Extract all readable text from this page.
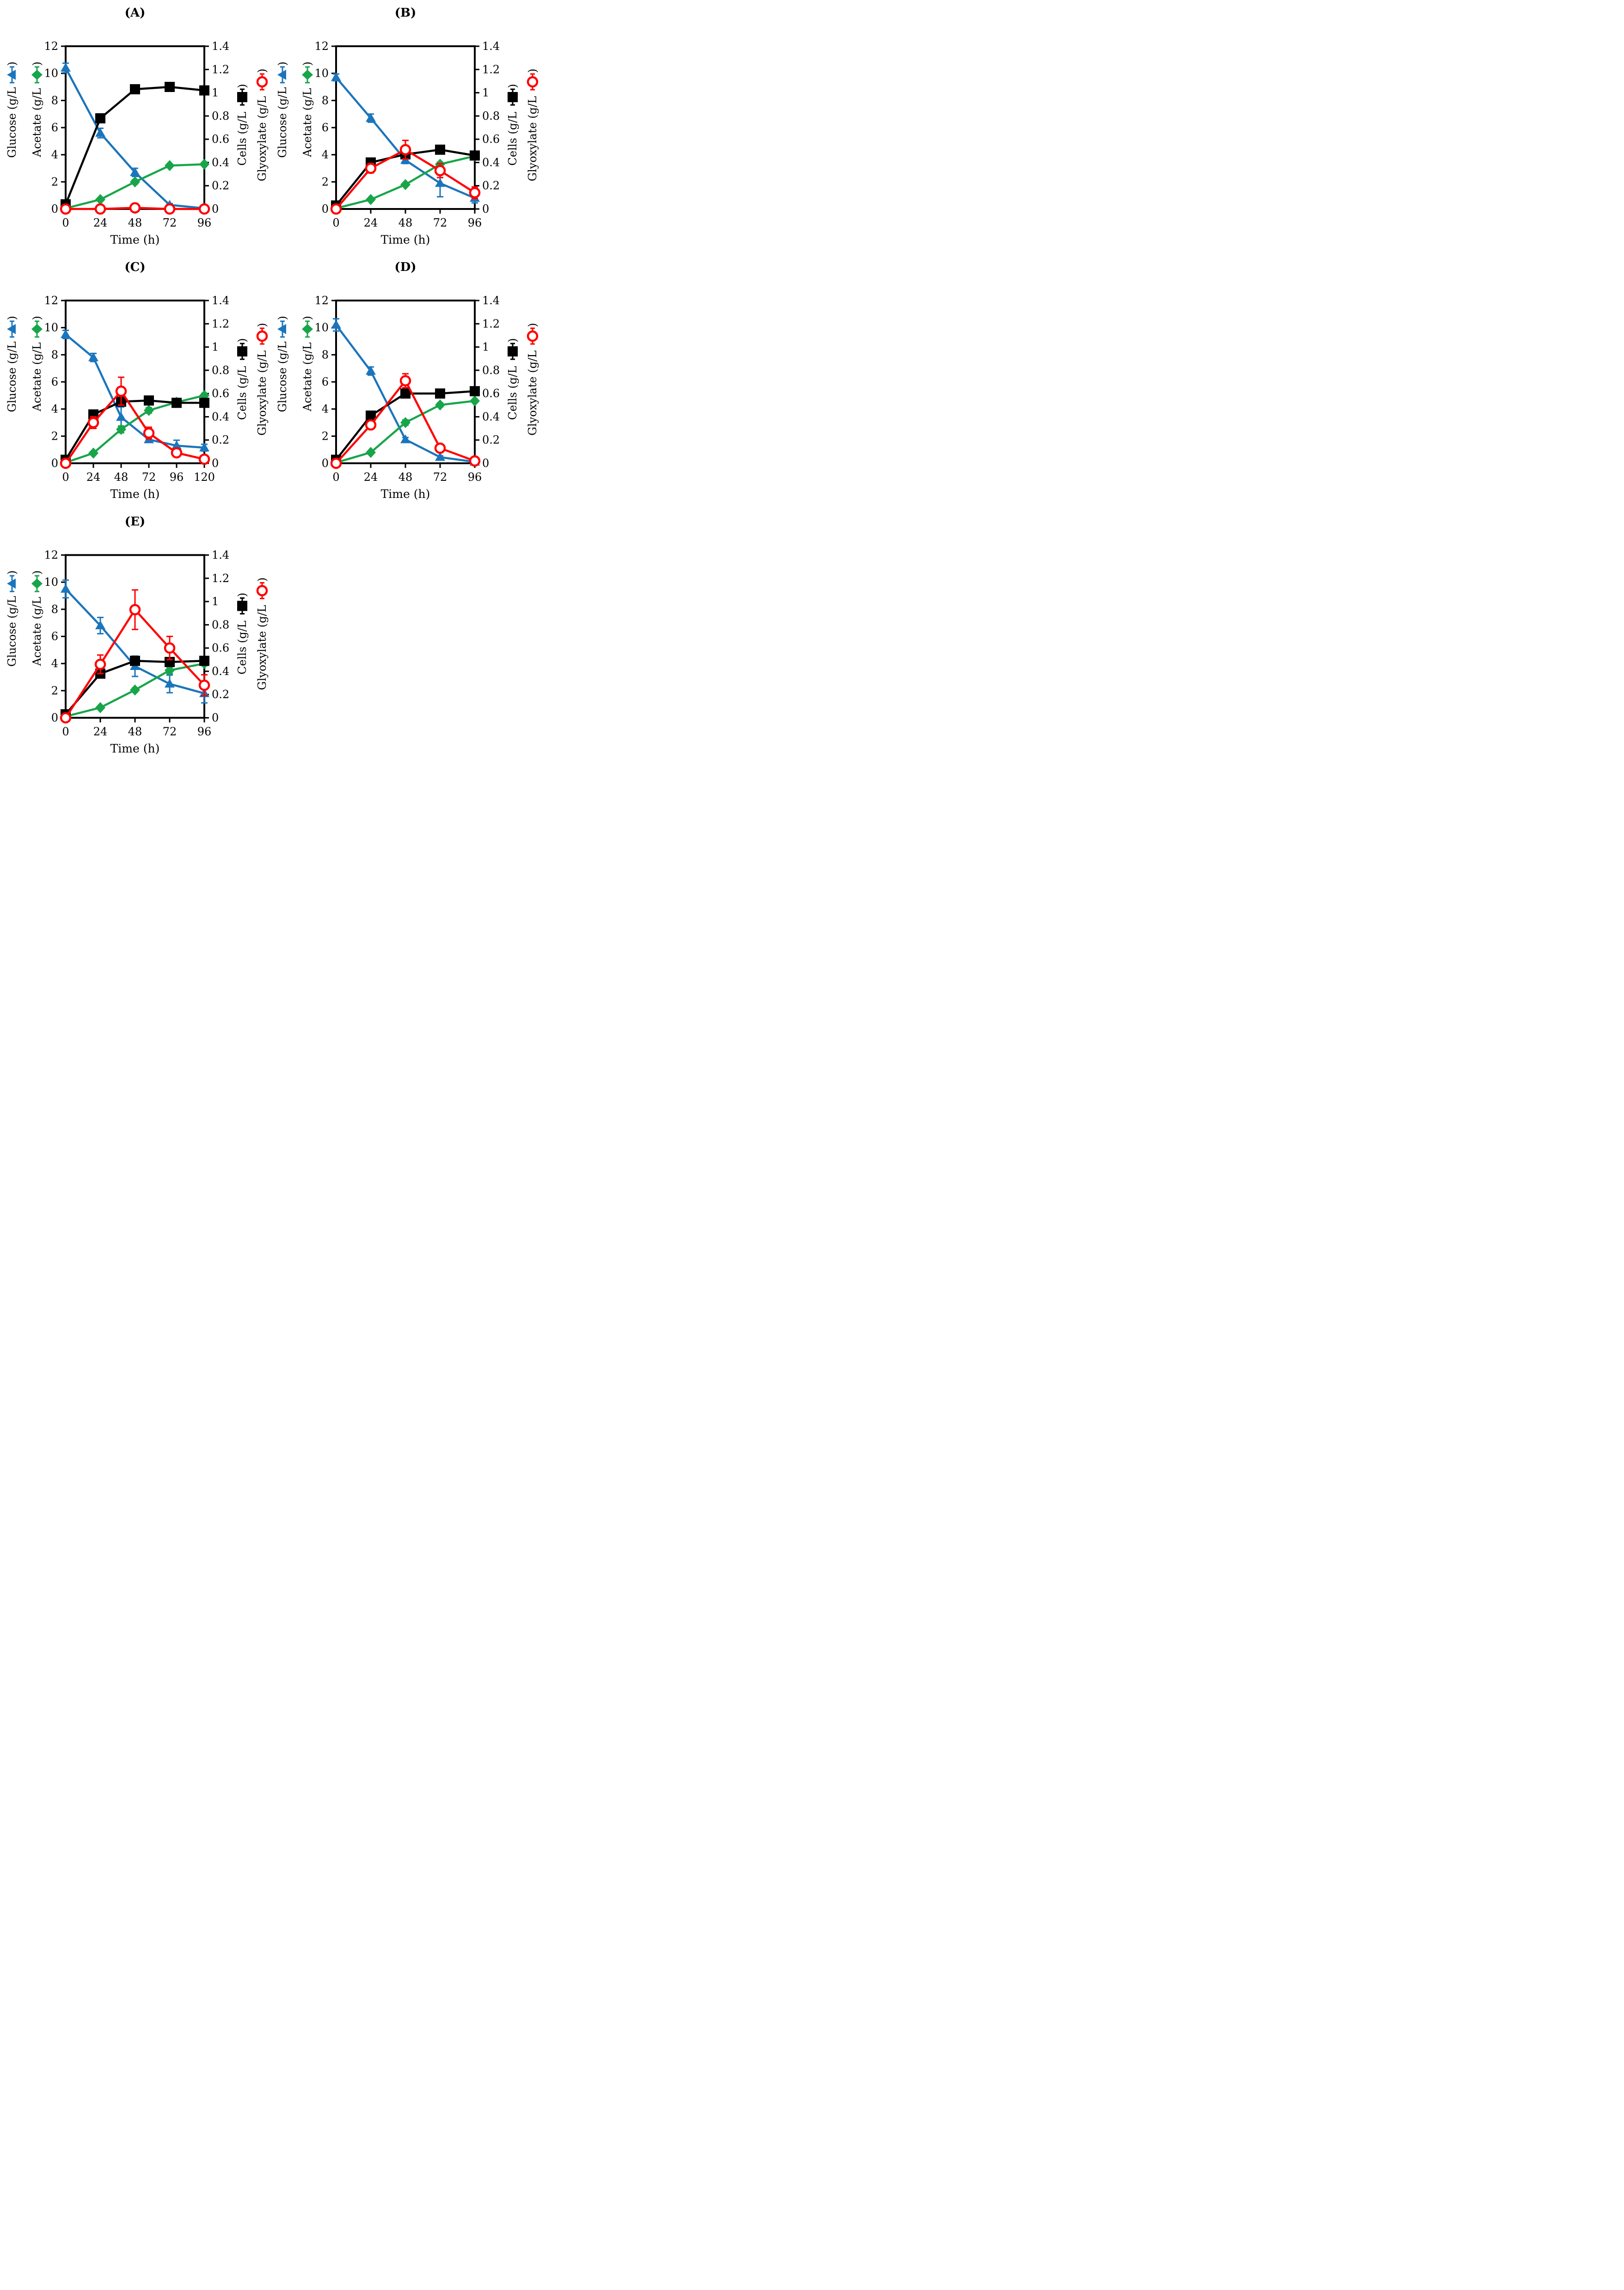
(A)
0
2
4
6
8
10
12
0
0.2
0.4
0.6
0.8
1
1.2
1.4
0 24 48 72 96
Time (h)
Glucose (g/L
)
Acetate (g/L
)
Cells (g/L
)
Glyoxylate (g/L
)
(B)
0
2
4
6
8
10
12
0
0.2
0.4
0.6
0.8
1
1.2
1.4
0 24 48 72 96
Time (h)
Glucose (g/L
)
Acetate (g/L
)
Cells (g/L
)
Glyoxylate (g/L
)
(C)
0
2
4
6
8
10
12
0
0.2
0.4
0.6
0.8
1
1.2
1.4
0 24 48 72 96 120
Time (h)
Glucose (g/L
)
Acetate (g/L
)
Cells (g/L
)
Glyoxylate (g/L
)
(D)
0
2
4
6
8
10
12
0
0.2
0.4
0.6
0.8
1
1.2
1.4
0 24 48 72 96
Time (h)
Glucose (g/L
)
Acetate (g/L
)
Cells (g/L
)
Glyoxylate (g/L
)
(E)
0
2
4
6
8
10
12
0
0.2
0.4
0.6
0.8
1
1.2
1.4
0 24 48 72 96
Time (h)
Glucose (g/L
)
Acetate (g/L
)
Cells (g/L
)
Glyoxylate (g/L
)
